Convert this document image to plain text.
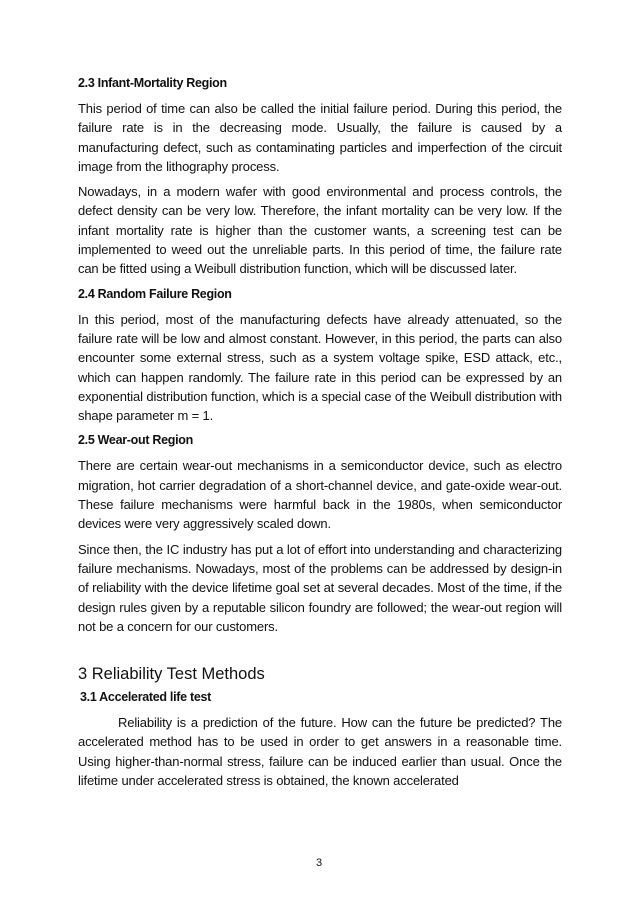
2.3 Infant-Mortality Region

This period of time can also be called the initial failure period. During this period, the failure rate is in the decreasing mode. Usually, the failure is caused by a manufacturing defect, such as contaminating particles and imperfection of the circuit image from the lithography process.

Nowadays, in a modern wafer with good environmental and process controls, the defect density can be very low. Therefore, the infant mortality can be very low. If the infant mortality rate is higher than the customer wants, a screening test can be implemented to weed out the unreliable parts. In this period of time, the failure rate can be fitted using a Weibull distribution function, which will be discussed later.

2.4 Random Failure Region

In this period, most of the manufacturing defects have already attenuated, so the failure rate will be low and almost constant. However, in this period, the parts can also encounter some external stress, such as a system voltage spike, ESD attack, etc., which can happen randomly. The failure rate in this period can be expressed by an exponential distribution function, which is a special case of the Weibull distribution with shape parameter m = 1.

2.5 Wear-out Region

There are certain wear-out mechanisms in a semiconductor device, such as electro migration, hot carrier degradation of a short-channel device, and gate-oxide wear-out. These failure mechanisms were harmful back in the 1980s, when semiconductor devices were very aggressively scaled down.

Since then, the IC industry has put a lot of effort into understanding and characterizing failure mechanisms. Nowadays, most of the problems can be addressed by design-in of reliability with the device lifetime goal set at several decades. Most of the time, if the design rules given by a reputable silicon foundry are followed; the wear-out region will not be a concern for our customers.

3 Reliability Test Methods
3.1 Accelerated life test

Reliability is a prediction of the future. How can the future be predicted? The accelerated method has to be used in order to get answers in a reasonable time. Using higher-than-normal stress, failure can be induced earlier than usual. Once the lifetime under accelerated stress is obtained, the known accelerated

3
